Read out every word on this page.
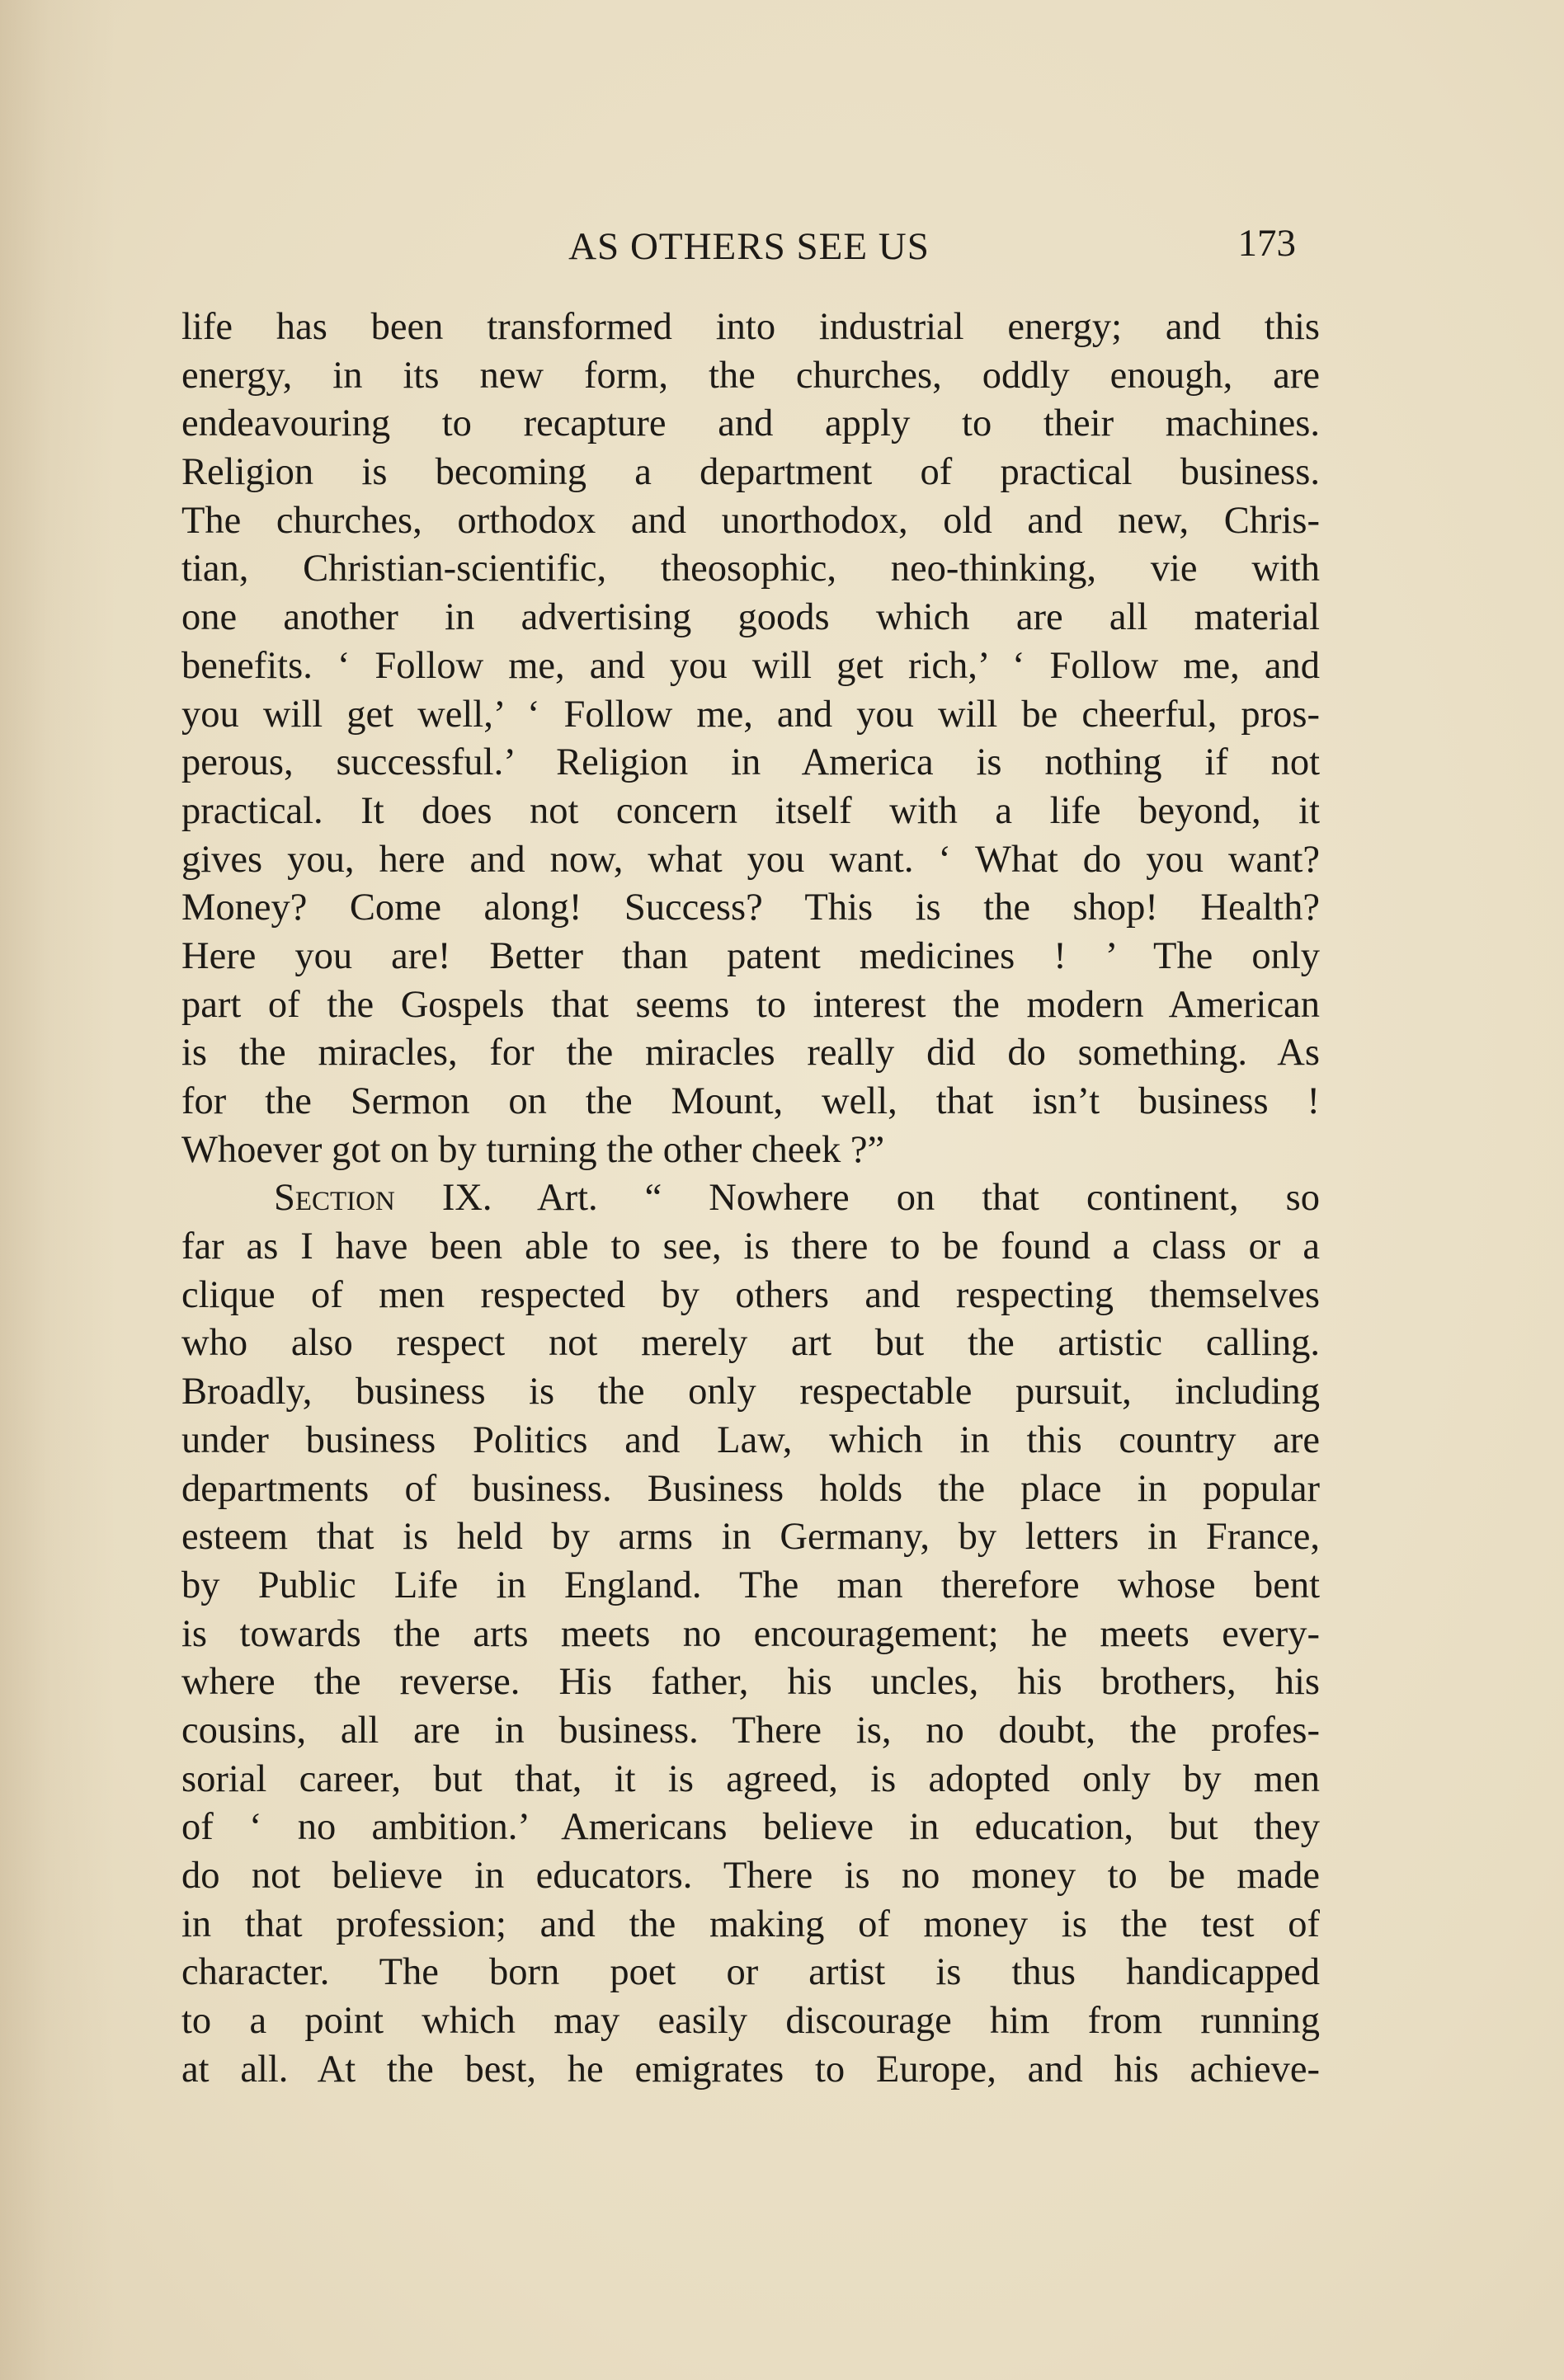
AS OTHERS SEE US	173
life has been transformed into industrial energy; and this
energy, in its new form, the churches, oddly enough, are
endeavouring to recapture and apply to their machines.
Religion is becoming a department of practical business.
The churches, orthodox and unorthodox, old and new, Chris-
tian, Christian-scientific, theosophic, neo-thinking, vie with
one another in advertising goods which are all material
benefits. ‘ Follow me, and you will get rich,’ ‘ Follow me, and
you will get well,’ ‘ Follow me, and you will be cheerful, pros-
perous, successful.’ Religion in America is nothing if not
practical. It does not concern itself with a life beyond, it
gives you, here and now, what you want. ‘ What do you want?
Money? Come along! Success? This is the shop! Health?
Here you are! Better than patent medicines ! ’ The only
part of the Gospels that seems to interest the modern American
is the miracles, for the miracles really did do something. As
for the Sermon on the Mount, well, that isn’t business !
Whoever got on by turning the other cheek ?”
Section IX. Art. “ Nowhere on that continent, so
far as I have been able to see, is there to be found a class or a
clique of men respected by others and respecting themselves
who also respect not merely art but the artistic calling.
Broadly, business is the only respectable pursuit, including
under business Politics and Law, which in this country are
departments of business. Business holds the place in popular
esteem that is held by arms in Germany, by letters in France,
by Public Life in England. The man therefore whose bent
is towards the arts meets no encouragement; he meets every-
where the reverse. His father, his uncles, his brothers, his
cousins, all are in business. There is, no doubt, the profes-
sorial career, but that, it is agreed, is adopted only by men
of ‘ no ambition.’ Americans believe in education, but they
do not believe in educators. There is no money to be made
in that profession; and the making of money is the test of
character. The born poet or artist is thus handicapped
to a point which may easily discourage him from running
at all. At the best, he emigrates to Europe, and his achieve-
